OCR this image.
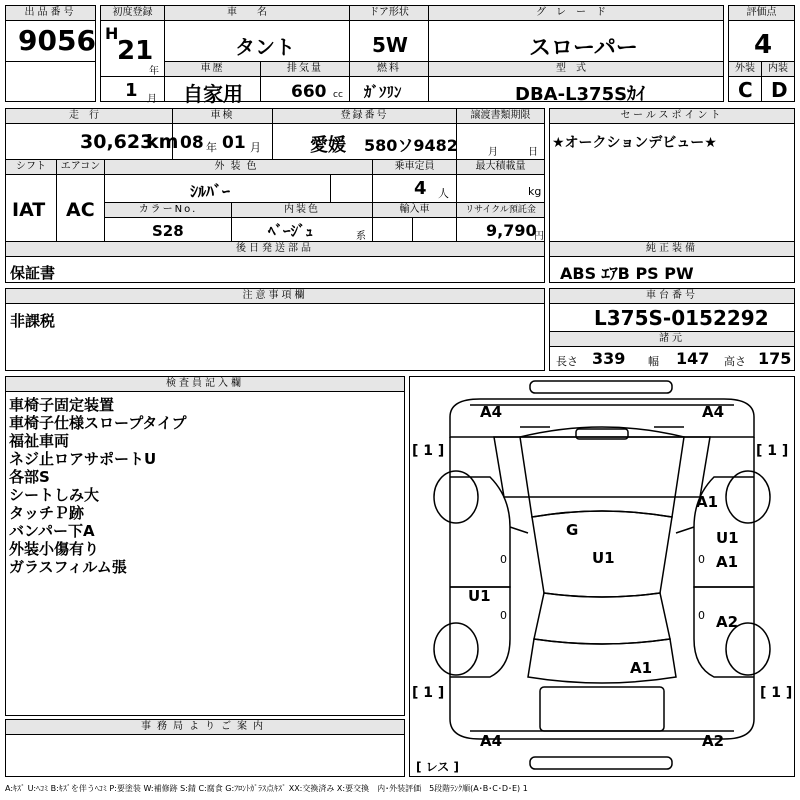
出品番号
9056
初度登録
H
21
年
1 月
車名
タント
ドア形状
5W
グレード
スローパー
評価点
4
車歴
自家用
排気量
660 cc
燃料
ｶﾞｿﾘﾝ
型式
DBA-L375Sｶｲ
外装
C
内装
D
走行	車検	登録番号	譲渡書類期限
30,623
km 08 年 01 月	愛媛 580ソ9482	月	日
シフト	エアコン
IAT AC
外装色	乗車定員	最大積載量
ｼﾙﾊﾞｰ	4 人	kg
カラーNo.	内装色	輸入車	リサイクル預託金
S28	ﾍﾞｰｼﾞｭ	系	9,790
円
セールスポイント
★オークションデビュー★
後日発送部品
保証書
純正装備
ABS ｴｱB PS PW
注意事項欄
非課税
車台番号
L375S-0152292
諸元
長さ 339 幅 147 高さ 175
検査員記入欄
車椅子固定装置
車椅子仕様スロープタイプ
福祉車両
ネジ止ロアサポートU
各部S
シートしみ大
タッチＰ跡
バンパー下A
外装小傷有り
ガラスフィルム張
事務局よりご案内
A4	A4
A4	A2
G
U1
U1
A1
U1
A1
A2
A1
[ 1 ]	[ 1 ]
[ 1 ]	[ 1 ]
[ レス ]
0	0
0	0
A:ｷｽﾞ U:ﾍｺﾐ B:ｷｽﾞを伴うﾍｺﾐ P:要塗装 W:補修跡 S:錆 C:腐食 G:ﾌﾛﾝﾄｶﾞﾗｽ点ｷｽﾞ XX:交換済み X:要交換　内･外装評価　5段階ﾗﾝｸ順(A･B･C･D･E) 1
